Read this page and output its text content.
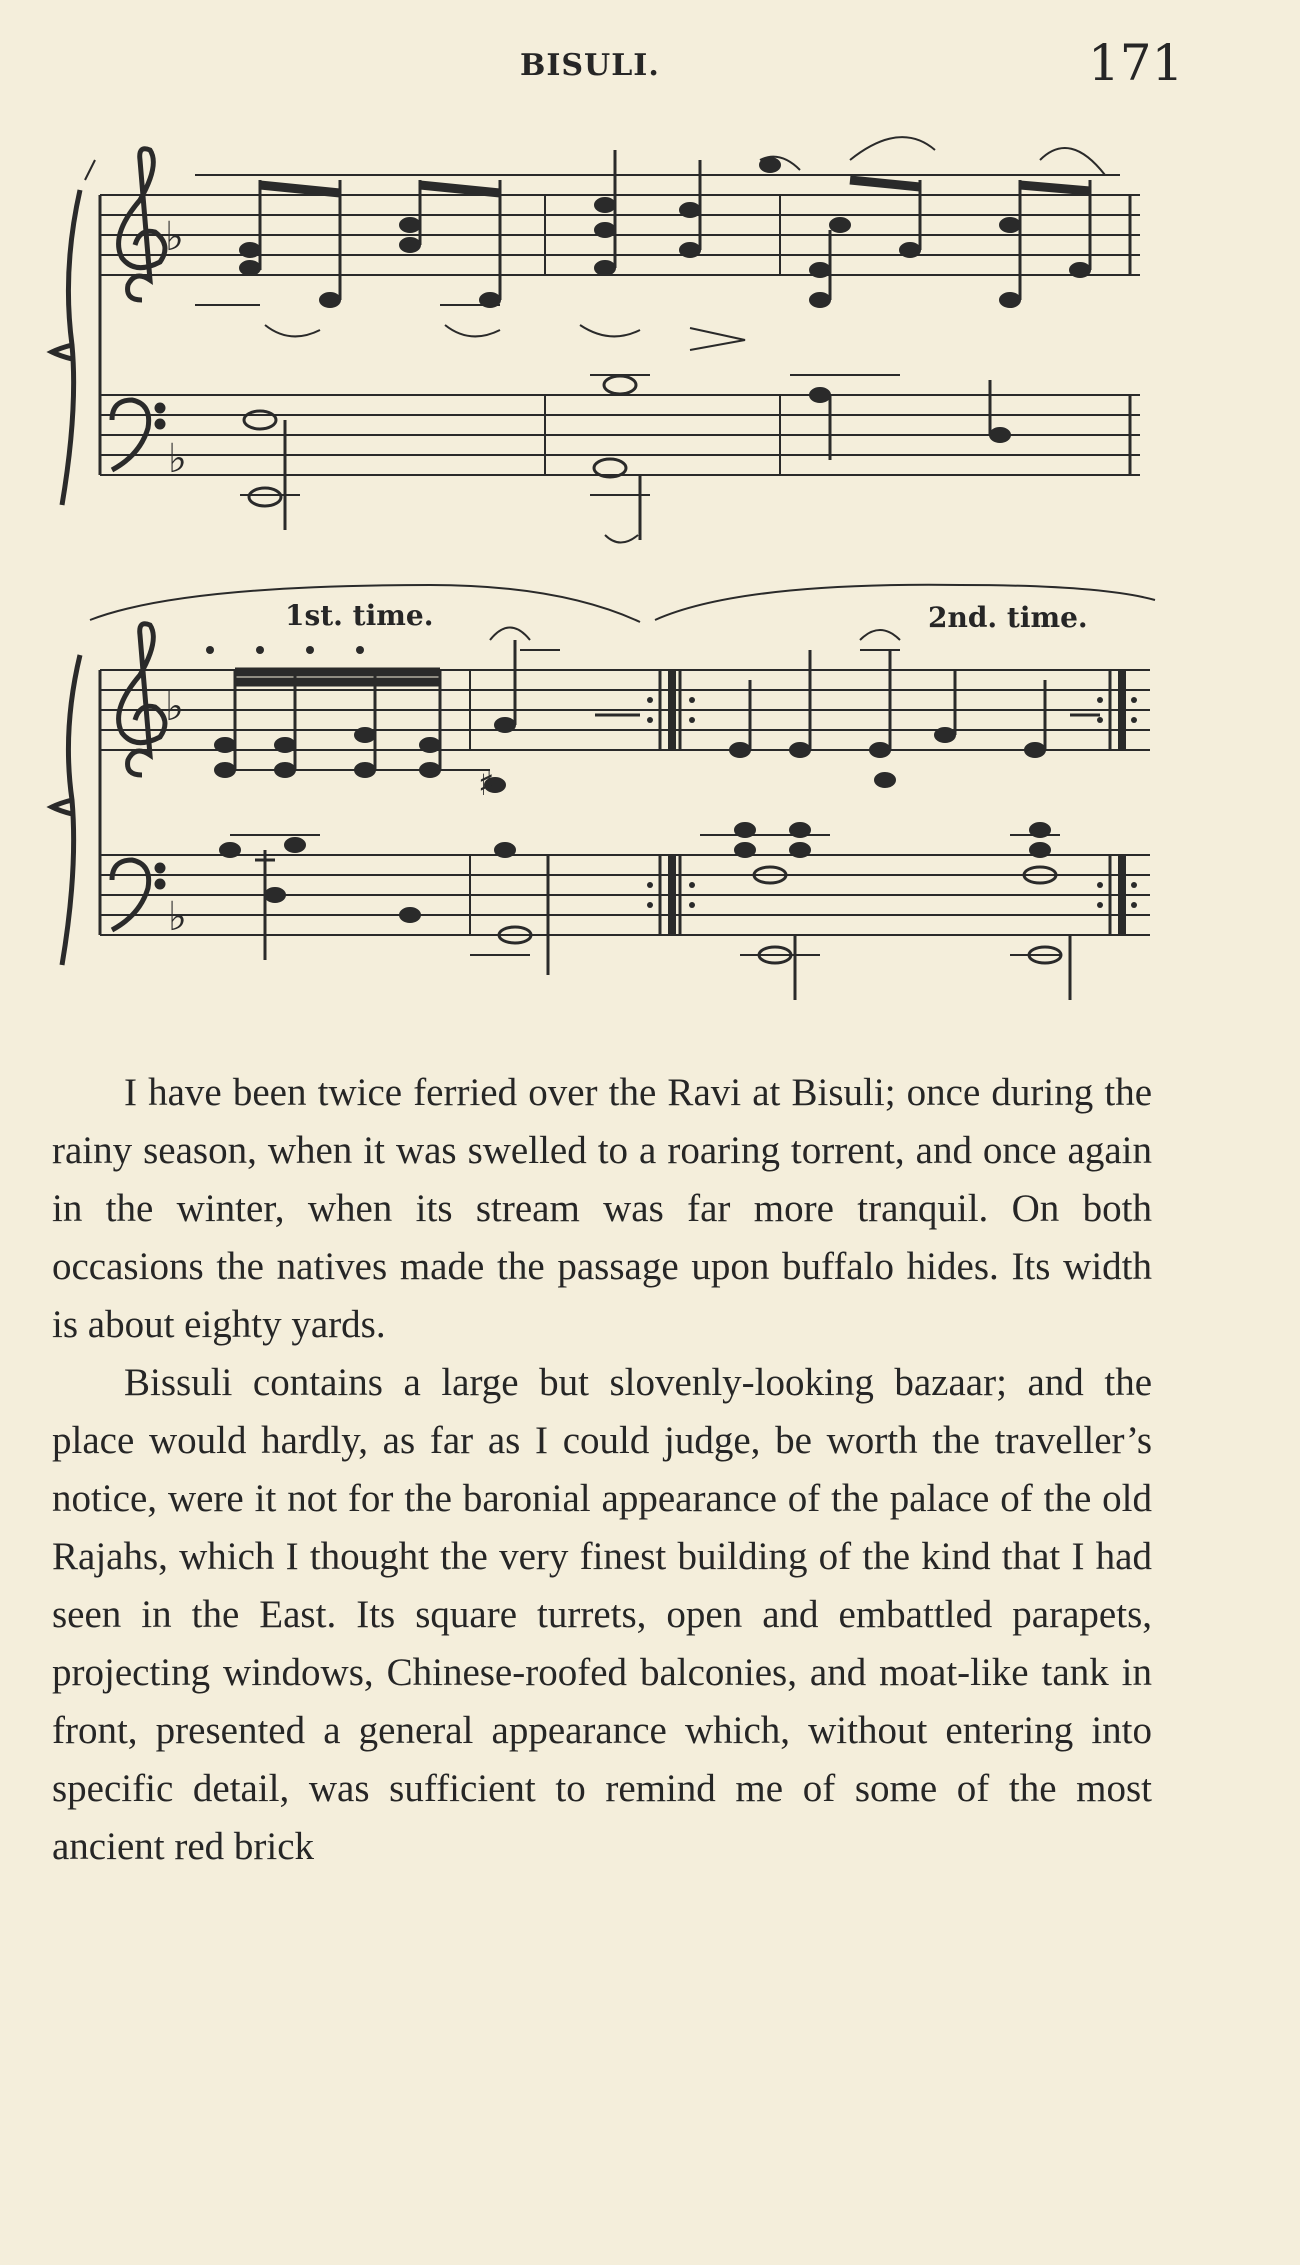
BISULI.	171
♭
♭
♭
♭
♯
1st. time.	2nd. time.

I have been twice ferried over the Ravi at Bisuli; once during the rainy season, when it was swelled to a roaring torrent, and once again in the winter, when its stream was far more tranquil. On both occasions the natives made the passage upon buffalo hides. Its width is about eighty yards.

Bissuli contains a large but slovenly-looking bazaar; and the place would hardly, as far as I could judge, be worth the traveller’s notice, were it not for the baronial appearance of the palace of the old Rajahs, which I thought the very finest building of the kind that I had seen in the East. Its square turrets, open and embattled parapets, projecting windows, Chinese-roofed balconies, and moat-like tank in front, presented a general appearance which, without entering into specific detail, was sufficient to remind me of some of the most ancient red brick
